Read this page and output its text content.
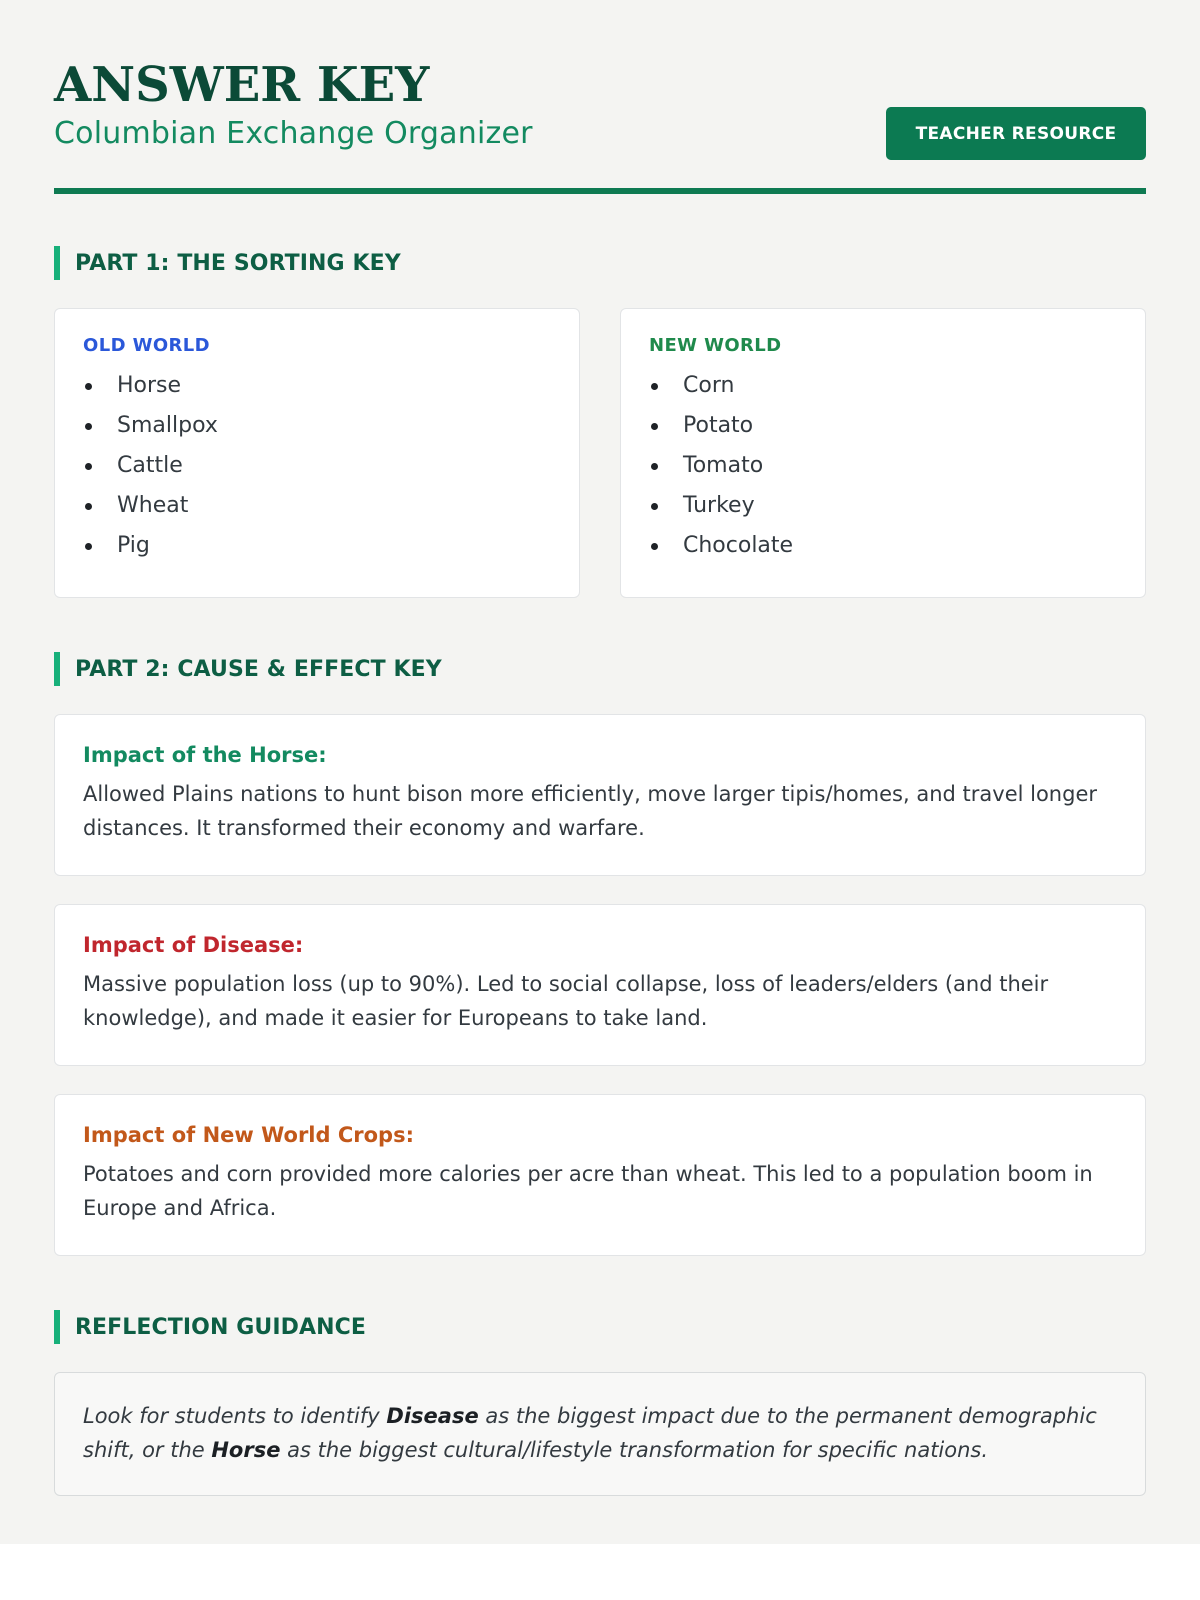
ANSWER KEY
Columbian Exchange Organizer	TEACHER RESOURCE
PART 1: THE SORTING KEY
OLD WORLD
Horse
Smallpox
Cattle
Wheat
Pig
NEW WORLD
Corn
Potato
Tomato
Turkey
Chocolate
PART 2: CAUSE & EFFECT KEY
Impact of the Horse:
Allowed Plains nations to hunt bison more efficiently, move larger tipis/homes, and travel longer distances. It transformed their economy and warfare.
Impact of Disease:
Massive population loss (up to 90%). Led to social collapse, loss of leaders/elders (and their knowledge), and made it easier for Europeans to take land.
Impact of New World Crops:
Potatoes and corn provided more calories per acre than wheat. This led to a population boom in Europe and Africa.
REFLECTION GUIDANCE
Look for students to identify Disease as the biggest impact due to the permanent demographic shift, or the Horse as the biggest cultural/lifestyle transformation for specific nations.
